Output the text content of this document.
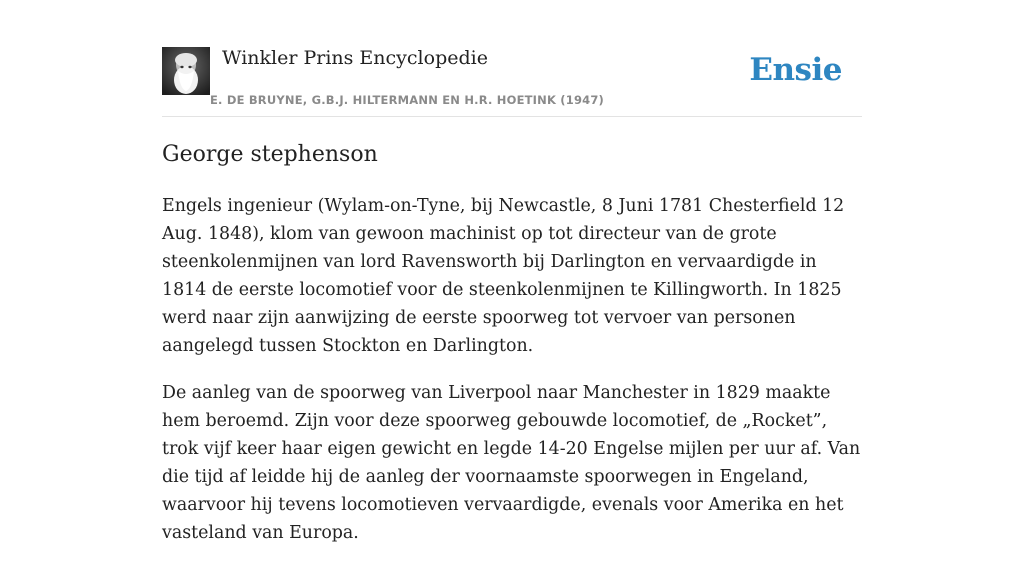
Winkler Prins Encyclopedie
E. DE BRUYNE, G.B.J. HILTERMANN EN H.R. HOETINK (1947)
Ensie
George stephenson

Engels ingenieur (Wylam-on-Tyne, bij Newcastle, 8 Juni 1781 Chesterfield 12 Aug. 1848), klom van gewoon machinist op tot directeur van de grote steenkolenmijnen van lord Ravensworth bij Darlington en vervaardigde in 1814 de eerste locomotief voor de steenkolenmijnen te Killingworth. In 1825 werd naar zijn aanwijzing de eerste spoorweg tot vervoer van personen aangelegd tussen Stockton en Darlington.

De aanleg van de spoorweg van Liverpool naar Manchester in 1829 maakte hem beroemd. Zijn voor deze spoorweg gebouwde locomotief, de „Rocket”, trok vijf keer haar eigen gewicht en legde 14-20 Engelse mijlen per uur af. Van die tijd af leidde hij de aanleg der voornaamste spoorwegen in Engeland, waarvoor hij tevens locomotieven vervaardigde, evenals voor Amerika en het vasteland van Europa.
